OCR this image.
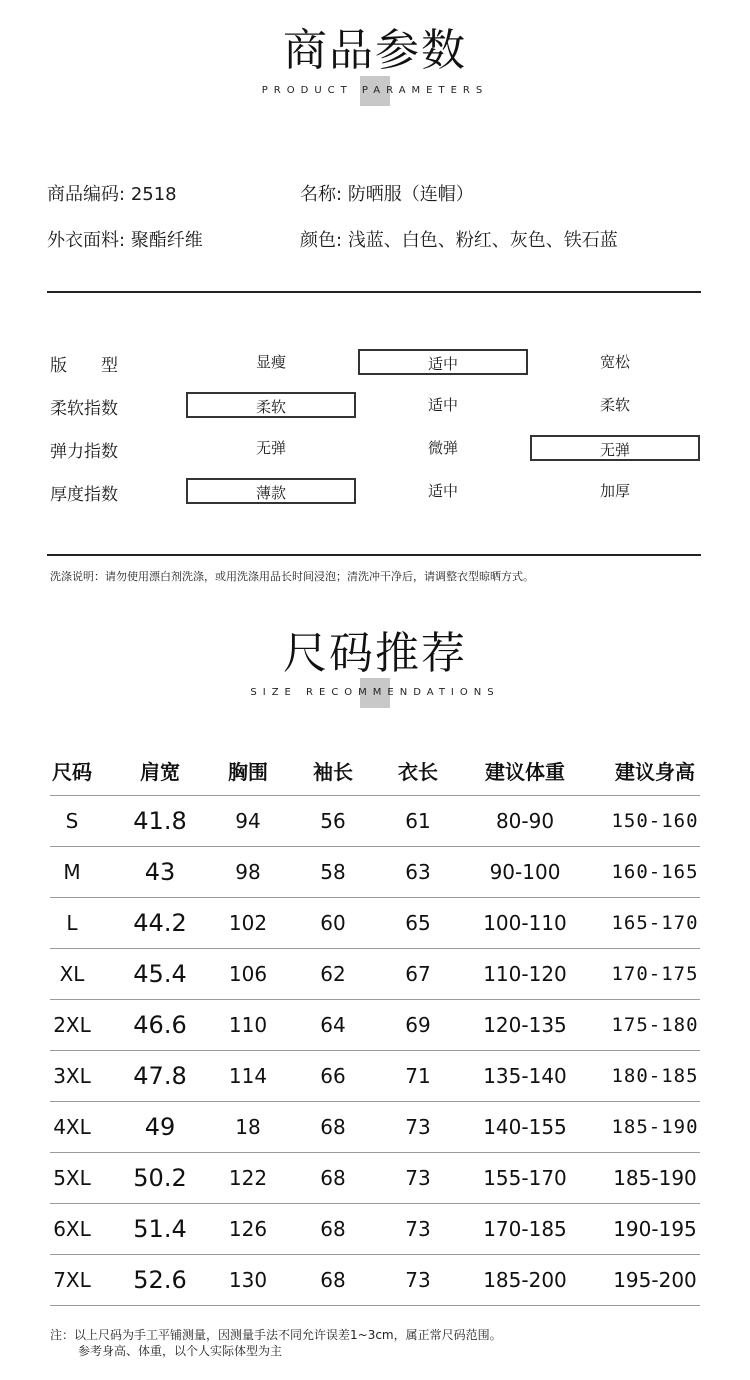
商品参数
PRODUCT PARAMETERS
商品编码: 2518	名称: 防晒服（连帽）
外衣面料: 聚酯纤维	颜色: 浅蓝、白色、粉红、灰色、铁石蓝
版　　型	显瘦	适中	宽松
柔软指数	柔软	适中	柔软
弹力指数	无弹	微弹	无弹
厚度指数	薄款	适中	加厚
洗涤说明：请勿使用漂白剂洗涤，或用洗涤用品长时间浸泡；清洗冲干净后，请调整衣型晾晒方式。
尺码推荐
SIZE RECOMMENDATIONS
尺码	肩宽	胸围	袖长	衣长	建议体重	建议身高
S	41.8	94	56	61	80-90	150-160
M	43	98	58	63	90-100	160-165
L	44.2	102	60	65	100-110	165-170
XL	45.4	106	62	67	110-120	170-175
2XL	46.6	110	64	69	120-135	175-180
3XL	47.8	114	66	71	135-140	180-185
4XL	49	18	68	73	140-155	185-190
5XL	50.2	122	68	73	155-170	185-190
6XL	51.4	126	68	73	170-185	190-195
7XL	52.6	130	68	73	185-200	195-200
注：以上尺码为手工平铺测量，因测量手法不同允许误差1~3cm，属正常尺码范围。
参考身高、体重，以个人实际体型为主
